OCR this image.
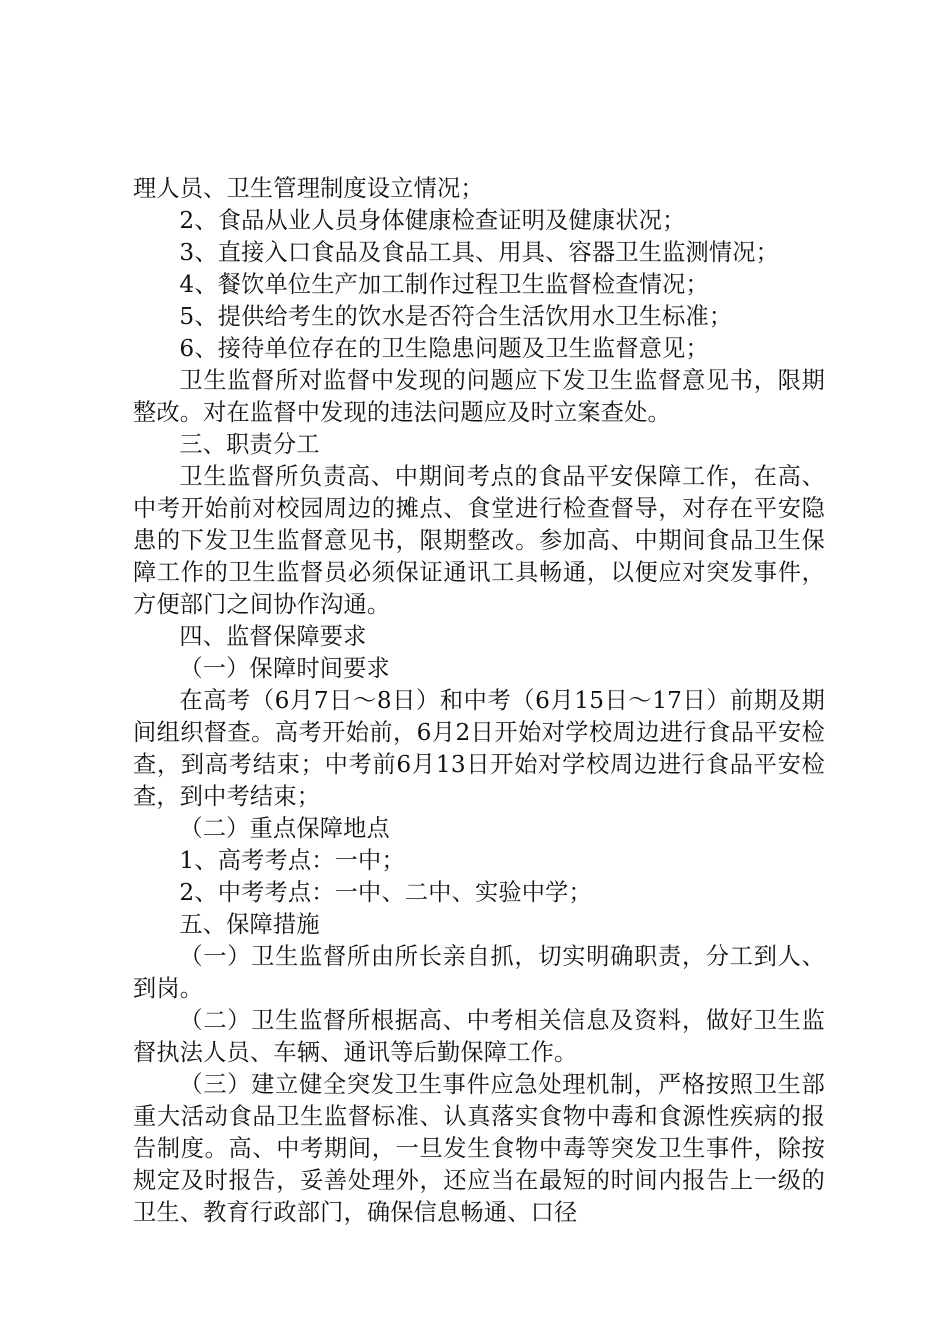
理人员、卫生管理制度设立情况；

2、食品从业人员身体健康检查证明及健康状况；

3、直接入口食品及食品工具、用具、容器卫生监测情况；

4、餐饮单位生产加工制作过程卫生监督检查情况；

5、提供给考生的饮水是否符合生活饮用水卫生标准；

6、接待单位存在的卫生隐患问题及卫生监督意见；

卫生监督所对监督中发现的问题应下发卫生监督意见书，限期整改。对在监督中发现的违法问题应及时立案查处。

三、职责分工

卫生监督所负责高、中期间考点的食品平安保障工作，在高、中考开始前对校园周边的摊点、食堂进行检查督导，对存在平安隐患的下发卫生监督意见书，限期整改。参加高、中期间食品卫生保障工作的卫生监督员必须保证通讯工具畅通，以便应对突发事件，方便部门之间协作沟通。

四、监督保障要求

（一）保障时间要求

在高考（6月7日～8日）和中考（6月15日～17日）前期及期间组织督查。高考开始前，6月2日开始对学校周边进行食品平安检查，到高考结束；中考前6月13日开始对学校周边进行食品平安检查，到中考结束；

（二）重点保障地点

1、高考考点：一中；

2、中考考点：一中、二中、实验中学；

五、保障措施

（一）卫生监督所由所长亲自抓，切实明确职责，分工到人、到岗。

（二）卫生监督所根据高、中考相关信息及资料，做好卫生监督执法人员、车辆、通讯等后勤保障工作。

（三）建立健全突发卫生事件应急处理机制，严格按照卫生部重大活动食品卫生监督标准、认真落实食物中毒和食源性疾病的报告制度。高、中考期间，一旦发生食物中毒等突发卫生事件，除按规定及时报告，妥善处理外，还应当在最短的时间内报告上一级的卫生、教育行政部门，确保信息畅通、口径
